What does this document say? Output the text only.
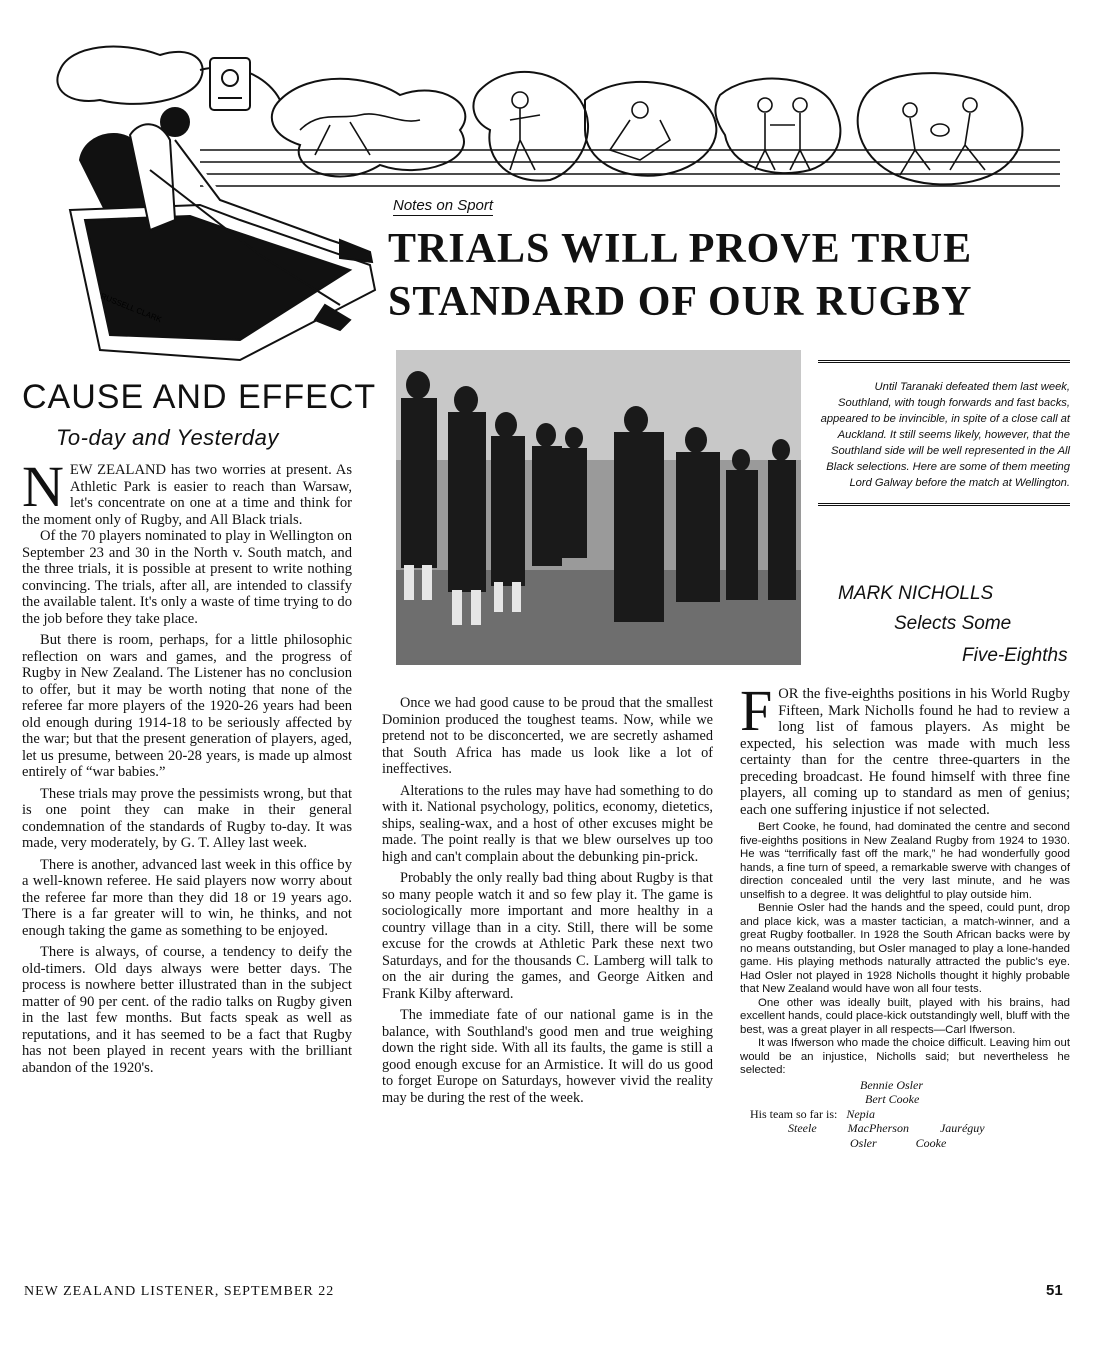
RUSSELL CLARK
Notes on Sport
TRIALS WILL PROVE TRUE
STANDARD OF OUR RUGBY

Until Taranaki defeated them last week, Southland, with tough forwards and fast backs, appeared to be invincible, in spite of a close call at Auckland. It still seems likely, however, that the Southland side will be well represented in the All Black selections. Here are some of them meeting Lord Galway before the match at Wellington.

MARK NICHOLLS
Selects Some
Five-Eighths
CAUSE AND EFFECT
To-day and Yesterday

NEW ZEALAND has two worries at present. As Athletic Park is easier to reach than Warsaw, let's concentrate on one at a time and think for the moment only of Rugby, and All Black trials.

Of the 70 players nominated to play in Wellington on September 23 and 30 in the North v. South match, and the three trials, it is possible at present to write nothing convincing. The trials, after all, are intended to classify the available talent. It's only a waste of time trying to do the job before they take place.

But there is room, perhaps, for a little philosophic reflection on wars and games, and the progress of Rugby in New Zealand. The Listener has no conclusion to offer, but it may be worth noting that none of the referee far more players of the 1920-26 years had been old enough during 1914-18 to be seriously affected by the war; but that the present generation of players, aged, let us presume, between 20-28 years, is made up almost entirely of “war babies.”

These trials may prove the pessimists wrong, but that is one point they can make in their general condemnation of the standards of Rugby to-day. It was made, very moderately, by G. T. Alley last week.

There is another, advanced last week in this office by a well-known referee. He said players now worry about the referee far more than they did 18 or 19 years ago. There is a far greater will to win, he thinks, and not enough taking the game as something to be enjoyed.

There is always, of course, a tendency to deify the old-timers. Old days always were better days. The process is nowhere better illustrated than in the subject matter of 90 per cent. of the radio talks on Rugby given in the last few months. But facts speak as well as reputations, and it has seemed to be a fact that Rugby has not been played in recent years with the brilliant abandon of the 1920's.

Once we had good cause to be proud that the smallest Dominion produced the toughest teams. Now, while we pretend not to be disconcerted, we are secretly ashamed that South Africa has made us look like a lot of ineffectives.

Alterations to the rules may have had something to do with it. National psychology, politics, economy, dietetics, ships, sealing-wax, and a host of other excuses might be made. The point really is that we blew ourselves up too high and can't complain about the debunking pin-prick.

Probably the only really bad thing about Rugby is that so many people watch it and so few play it. The game is sociologically more important and more healthy in a country village than in a city. Still, there will be some excuse for the crowds at Athletic Park these next two Saturdays, and for the thousands C. Lamberg will talk to on the air during the games, and George Aitken and Frank Kilby afterward.

The immediate fate of our national game is in the balance, with Southland's good men and true weighing down the right side. With all its faults, the game is still a good enough excuse for an Armistice. It will do us good to forget Europe on Saturdays, however vivid the reality may be during the rest of the week.

FOR the five-eighths positions in his World Rugby Fifteen, Mark Nicholls found he had to review a long list of famous players. As might be expected, his selection was made with much less certainty than for the centre three-quarters in the preceding broadcast. He found himself with three fine players, all coming up to standard as men of genius; each one suffering injustice if not selected.

Bert Cooke, he found, had dominated the centre and second five-eighths positions in New Zealand Rugby from 1924 to 1930. He was “terrifically fast off the mark,” he had wonderfully good hands, a fine turn of speed, a remarkable swerve with changes of direction concealed until the very last minute, and he was unselfish to a degree. It was delightful to play outside him.

Bennie Osler had the hands and the speed, could punt, drop and place kick, was a master tactician, a match-winner, and a great Rugby footballer. In 1928 the South African backs were by no means outstanding, but Osler managed to play a lone-handed game. His playing methods naturally attracted the public's eye. Had Osler not played in 1928 Nicholls thought it highly probable that New Zealand would have won all four tests.

One other was ideally built, played with his brains, had excellent hands, could place-kick outstandingly well, bluff with the best, was a great player in all respects—Carl Ifwerson.

It was Ifwerson who made the choice difficult. Leaving him out would be an injustice, Nicholls said; but nevertheless he selected:

Bennie Osler
Bert Cooke
His team so far is: Nepia
Steele	MacPherson	Jauréguy
Osler	Cooke
NEW ZEALAND LISTENER, SEPTEMBER 22	51
